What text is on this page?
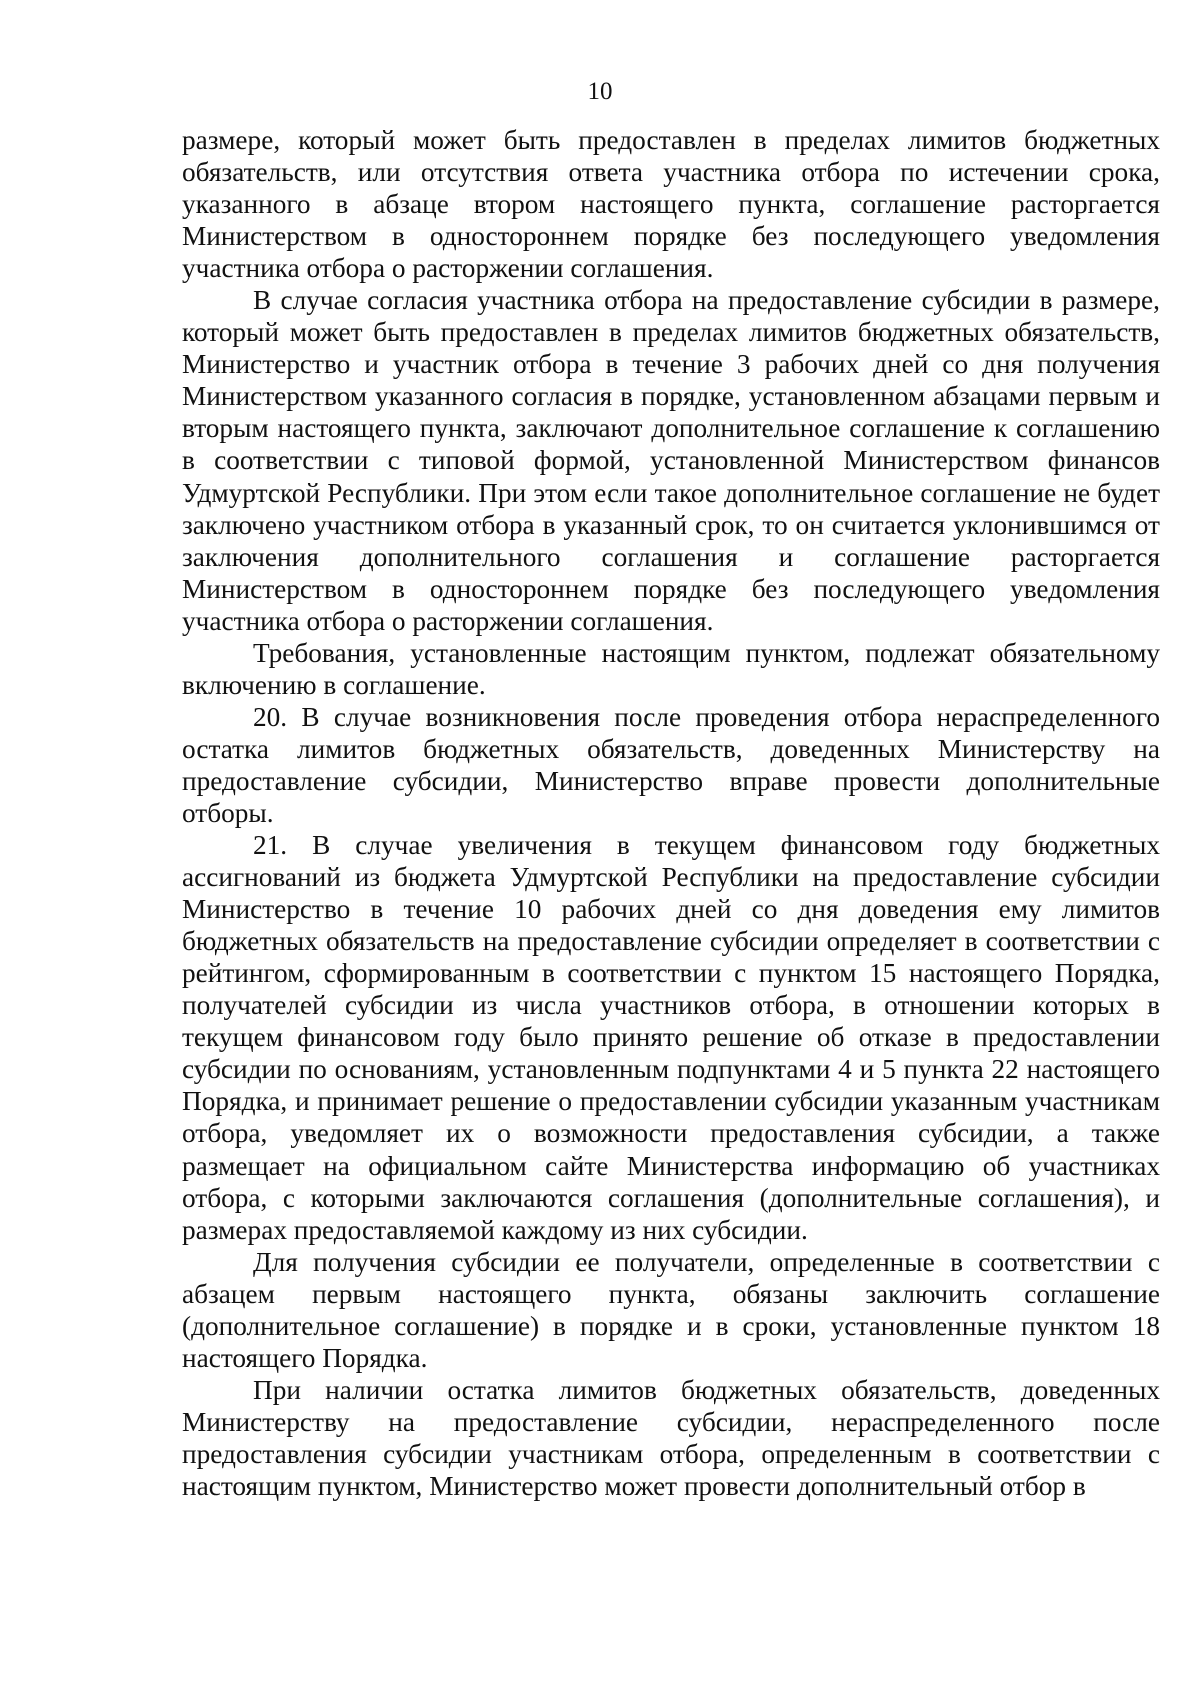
10

размере, который может быть предоставлен в пределах лимитов бюджетных обязательств, или отсутствия ответа участника отбора по истечении срока, указанного в абзаце втором настоящего пункта, соглашение расторгается Министерством в одностороннем порядке без последующего уведомления участника отбора о расторжении соглашения.

В случае согласия участника отбора на предоставление субсидии в размере, который может быть предоставлен в пределах лимитов бюджетных обязательств, Министерство и участник отбора в течение 3 рабочих дней со дня получения Министерством указанного согласия в порядке, установленном абзацами первым и вторым настоящего пункта, заключают дополнительное соглашение к соглашению в соответствии с типовой формой, установленной Министерством финансов Удмуртской Республики. При этом если такое дополнительное соглашение не будет заключено участником отбора в указанный срок, то он считается уклонившимся от заключения дополнительного соглашения и соглашение расторгается Министерством в одностороннем порядке без последующего уведомления участника отбора о расторжении соглашения.

Требования, установленные настоящим пунктом, подлежат обязательному включению в соглашение.

20. В случае возникновения после проведения отбора нераспределенного остатка лимитов бюджетных обязательств, доведенных Министерству на предоставление субсидии, Министерство вправе провести дополнительные отборы.

21. В случае увеличения в текущем финансовом году бюджетных ассигнований из бюджета Удмуртской Республики на предоставление субсидии Министерство в течение 10 рабочих дней со дня доведения ему лимитов бюджетных обязательств на предоставление субсидии определяет в соответствии с рейтингом, сформированным в соответствии с пунктом 15 настоящего Порядка, получателей субсидии из числа участников отбора, в отношении которых в текущем финансовом году было принято решение об отказе в предоставлении субсидии по основаниям, установленным подпунктами 4 и 5 пункта 22 настоящего Порядка, и принимает решение о предоставлении субсидии указанным участникам отбора, уведомляет их о возможности предоставления субсидии, а также размещает на официальном сайте Министерства информацию об участниках отбора, с которыми заключаются соглашения (дополнительные соглашения), и размерах предоставляемой каждому из них субсидии.

Для получения субсидии ее получатели, определенные в соответствии с абзацем первым настоящего пункта, обязаны заключить соглашение (дополнительное соглашение) в порядке и в сроки, установленные пунктом 18 настоящего Порядка.

При наличии остатка лимитов бюджетных обязательств, доведенных Министерству на предоставление субсидии, нераспределенного после предоставления субсидии участникам отбора, определенным в соответствии с настоящим пунктом, Министерство может провести дополнительный отбор в
